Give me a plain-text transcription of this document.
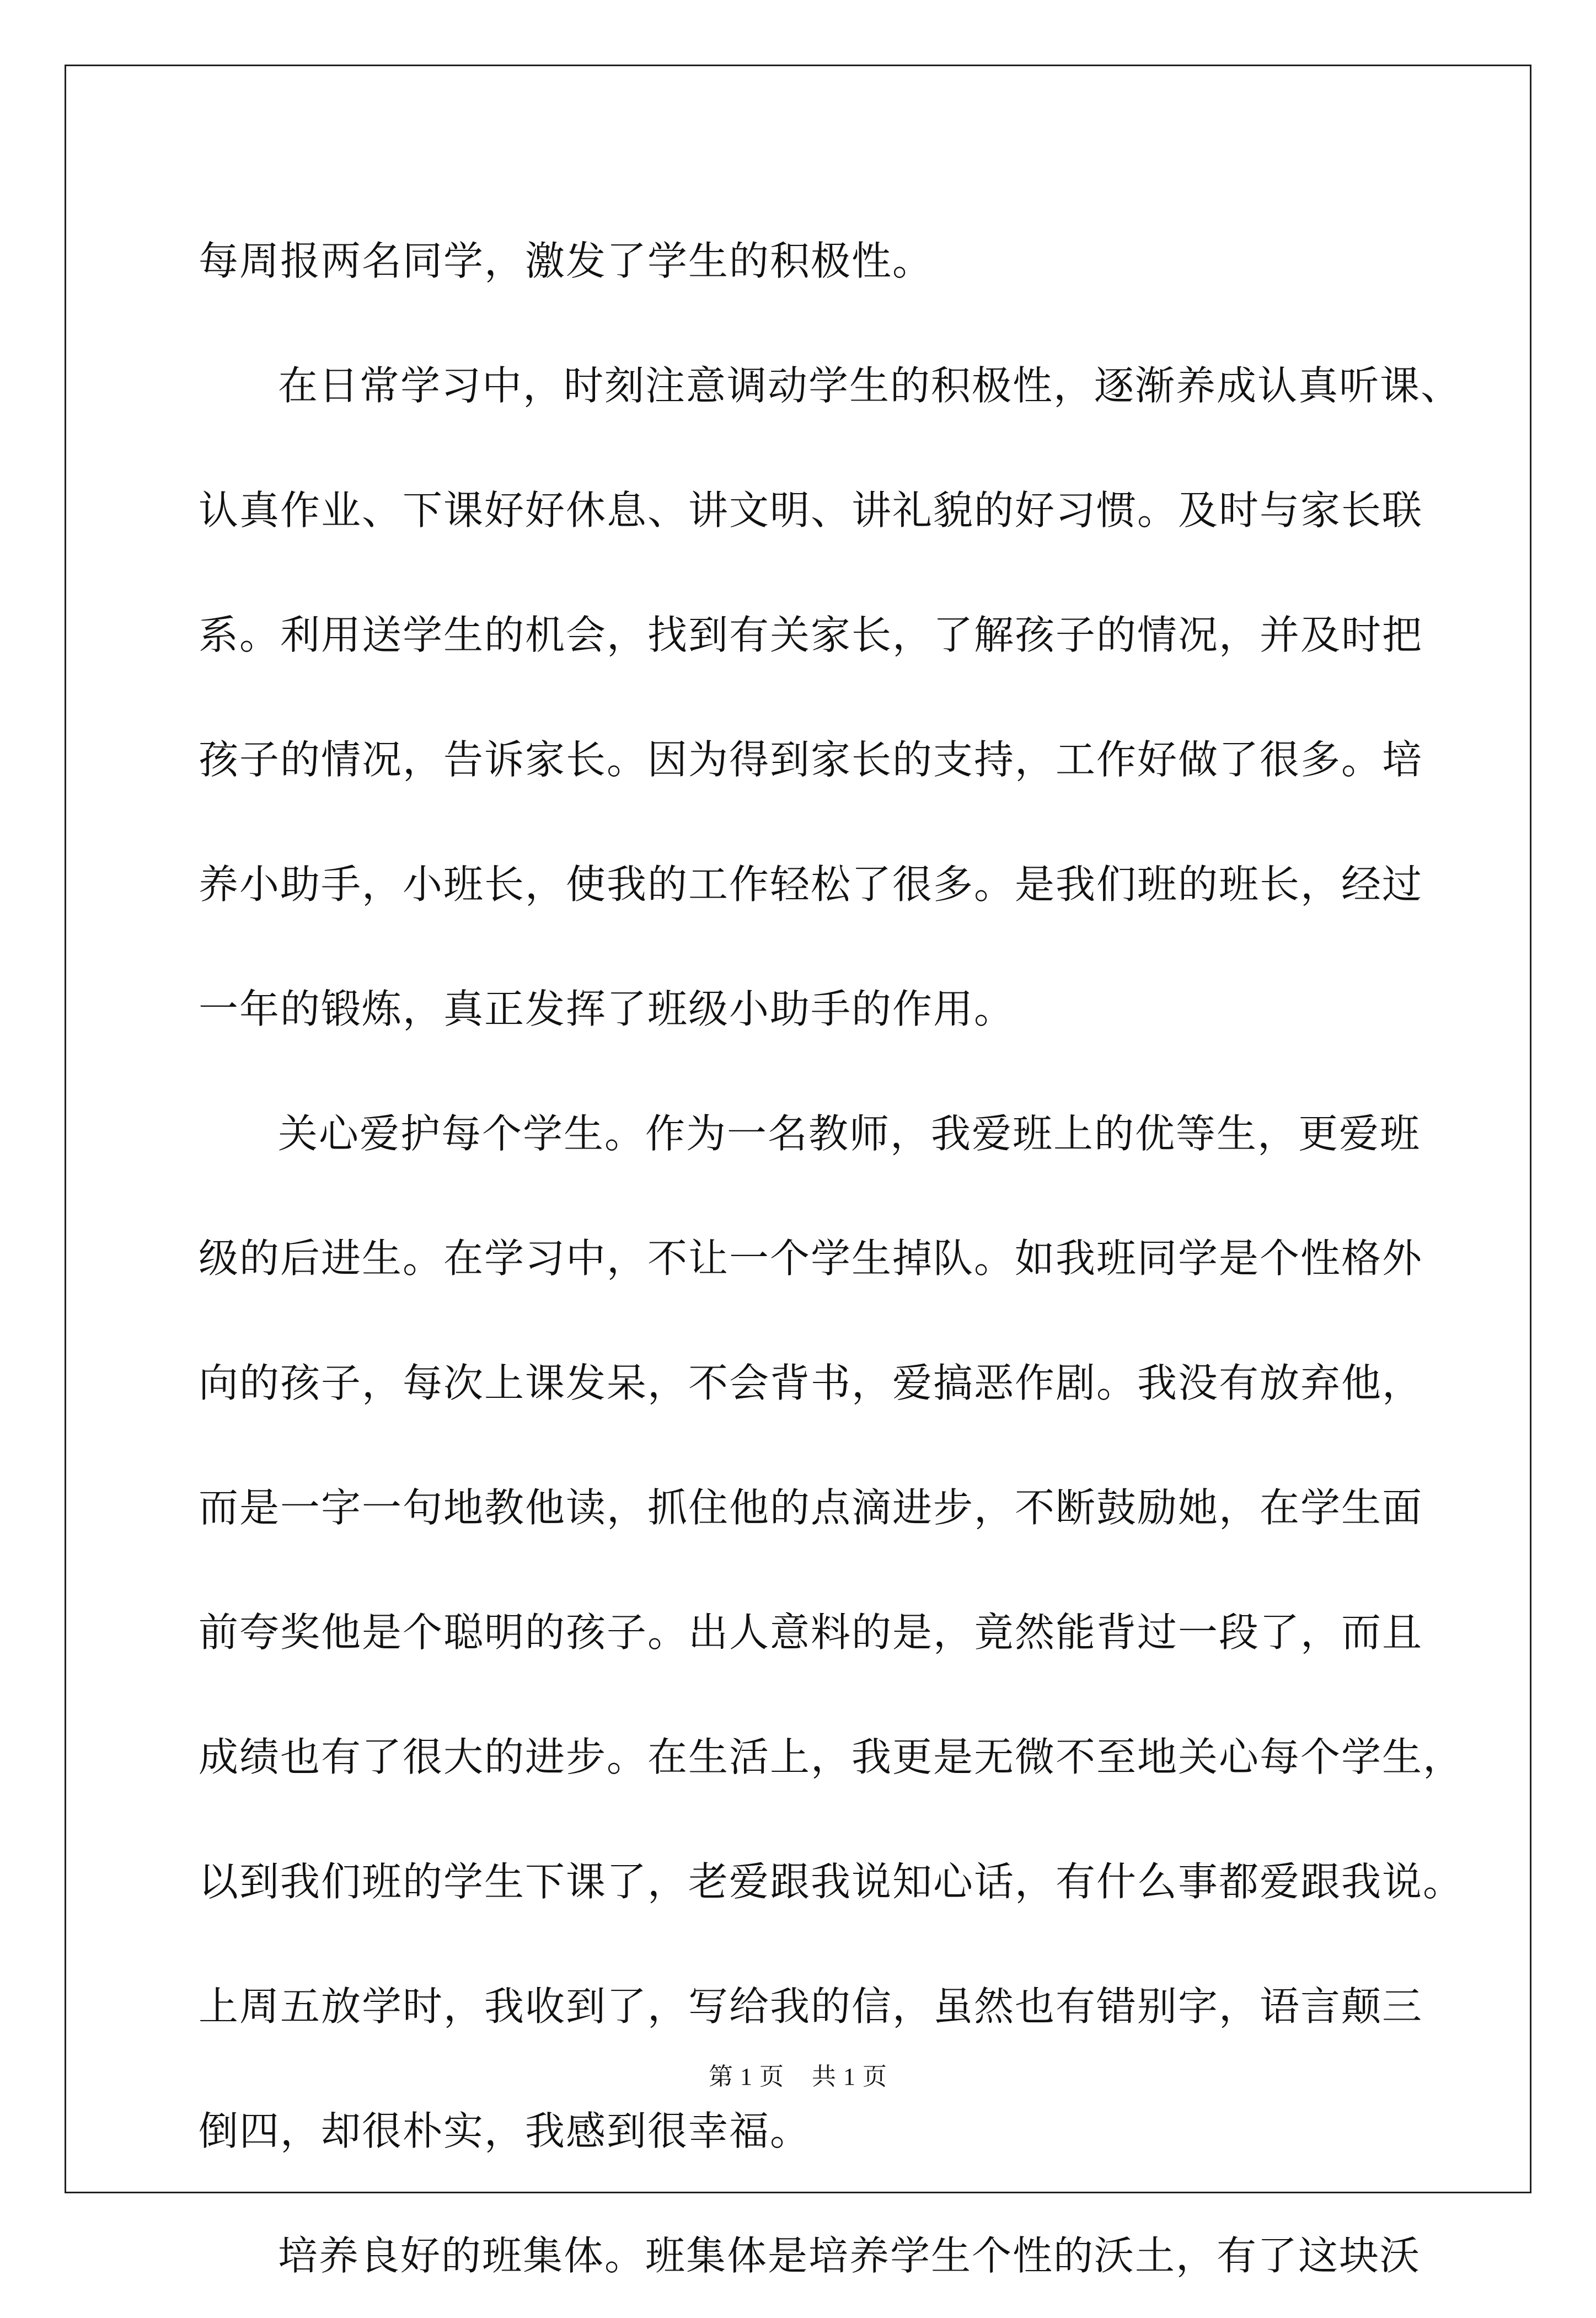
每周报两名同学，激发了学生的积极性。
在日常学习中，时刻注意调动学生的积极性，逐渐养成认真听课、
认真作业、下课好好休息、讲文明、讲礼貌的好习惯。及时与家长联
系。利用送学生的机会，找到有关家长，了解孩子的情况，并及时把
孩子的情况，告诉家长。因为得到家长的支持，工作好做了很多。培
养小助手，小班长，使我的工作轻松了很多。是我们班的班长，经过
一年的锻炼，真正发挥了班级小助手的作用。
关心爱护每个学生。作为一名教师，我爱班上的优等生，更爱班
级的后进生。在学习中，不让一个学生掉队。如我班同学是个性格外
向的孩子，每次上课发呆，不会背书，爱搞恶作剧。我没有放弃他，
而是一字一句地教他读，抓住他的点滴进步，不断鼓励她，在学生面
前夸奖他是个聪明的孩子。出人意料的是，竟然能背过一段了，而且
成绩也有了很大的进步。在生活上，我更是无微不至地关心每个学生，
以到我们班的学生下课了，老爱跟我说知心话，有什么事都爱跟我说。
上周五放学时，我收到了，写给我的信，虽然也有错别字，语言颠三
倒四，却很朴实，我感到很幸福。
培养良好的班集体。班集体是培养学生个性的沃土，有了这块沃
第 1 页 共 1 页
